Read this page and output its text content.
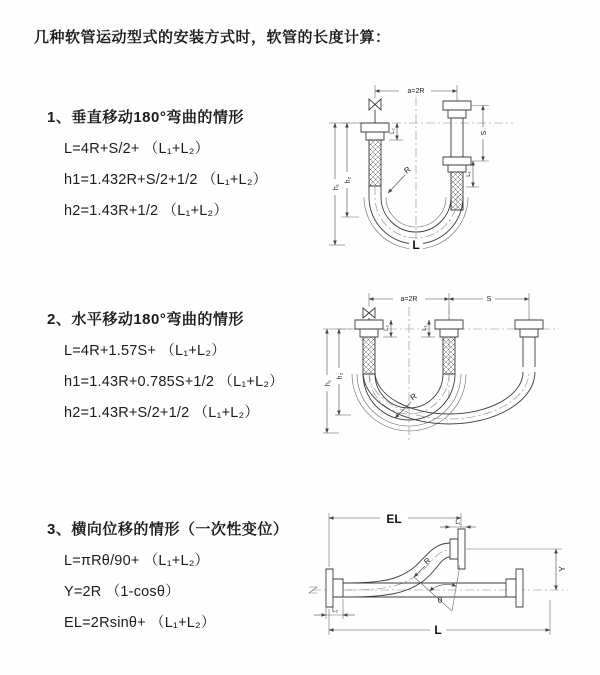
几种软管运动型式的安装方式时，软管的长度计算：
1、垂直移动180°弯曲的情形
L=4R+S/2+ （L₁+L₂）
h1=1.432R+S/2+1/2 （L₁+L₂）
h2=1.43R+1/2 （L₁+L₂）
a=2R
L
h₁
h₂
S
L₁
L₂
R
2、水平移动180°弯曲的情形
L=4R+1.57S+ （L₁+L₂）
h1=1.43R+0.785S+1/2 （L₁+L₂）
h2=1.43R+S/2+1/2 （L₁+L₂）
a=2R	S
h₁
h₂
L₂	L₁
R
3、横向位移的情形（一次性变位）
L=πRθ/90+ （L₁+L₂）
Y=2R （1-cosθ）
EL=2Rsinθ+ （L₁+L₂）
EL	L₁
Y
R
θ
L₂
L
